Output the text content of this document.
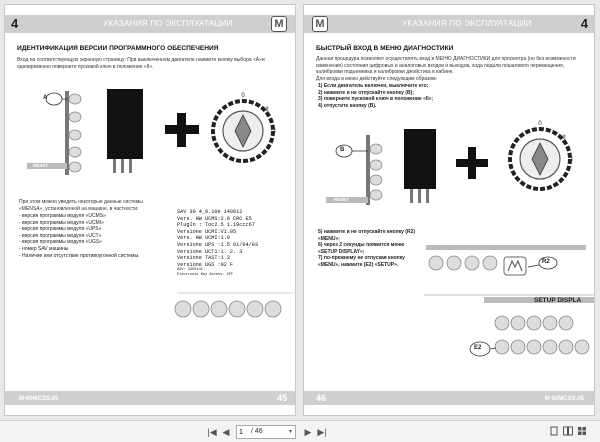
4	УКАЗАНИЯ ПО ЭКСПЛУАТАЦИИ	M
ИДЕНТИФИКАЦИЯ ВЕРСИИ ПРОГРАММНОГО ОБЕСПЕЧЕНИЯ
Вход на соответствующую экранную страницу: При выключенном двигателе нажмите кнопку выбора «A»и одновременно поверните пусковой ключ в положение «II».
0
I
II
A
RESET
При этом можно увидеть некоторые данные системы «MENSA», установленной на машине, в частности:
- версия программы модуля «UCMS»
- версия программы модуля «UCMI»
- версия программы модуля «UPS»
- версия программы модуля «UCT»
- версия программы модуля «UGS»
- номер SAV машины
- Наличие или отсутствие противоугонной системы.
SAV 30 4_0.10e 140612
Vers. HW UCMS:2.0 CRC E5
PlugIn : Toc2.5 1.19ccc67
Versione UCMI:V1.05
Vers. HW UCMI:1.0
Versione UPS :1.5 01/04/03
Versione UCT1:1. 2. 3
Versione TAST:1.3
Versione UGS :02 F
SAV: 3255441
Electronic Key Access: OFF
M-60MCSS.05	45
4
УКАЗАНИЯ ПО ЭКСПЛУАТАЦИИ
M
БЫСТРЫЙ ВХОД В МЕНЮ ДИАГНОСТИКИ
Данная процедура позволяет осуществлять вход в МЕНЮ ДИАГНОСТИКИ для просмотра (но без возможности изменения) состояния цифровых и аналоговых входов и выходов, хода педали пошагового перемещения, калибровки подъемника и калибровки джойстика в кабине.
Для входа в меню действуйте следующим образом:
1) Если двигатель включен, выключите его;
2) нажмите и не отпускайте кнопку (B);
3) поверните пусковой ключ в положение «II»;
4) отпустите кнопку (B).
0
I
II
B
RESET
5) нажмите и не отпускайте кнопку (R2) «MENU»;
6) через 2 секунды появится меню «SETUP DISPLAY»;
7) по-прежнему не отпуская кнопку «MENU», нажмите (E2) «SETUP».	R2
SETUP DISPLA
E2
46	M-60MCSS.05
|◀ ◀
1	/ 46	▾ ▶ ▶|
